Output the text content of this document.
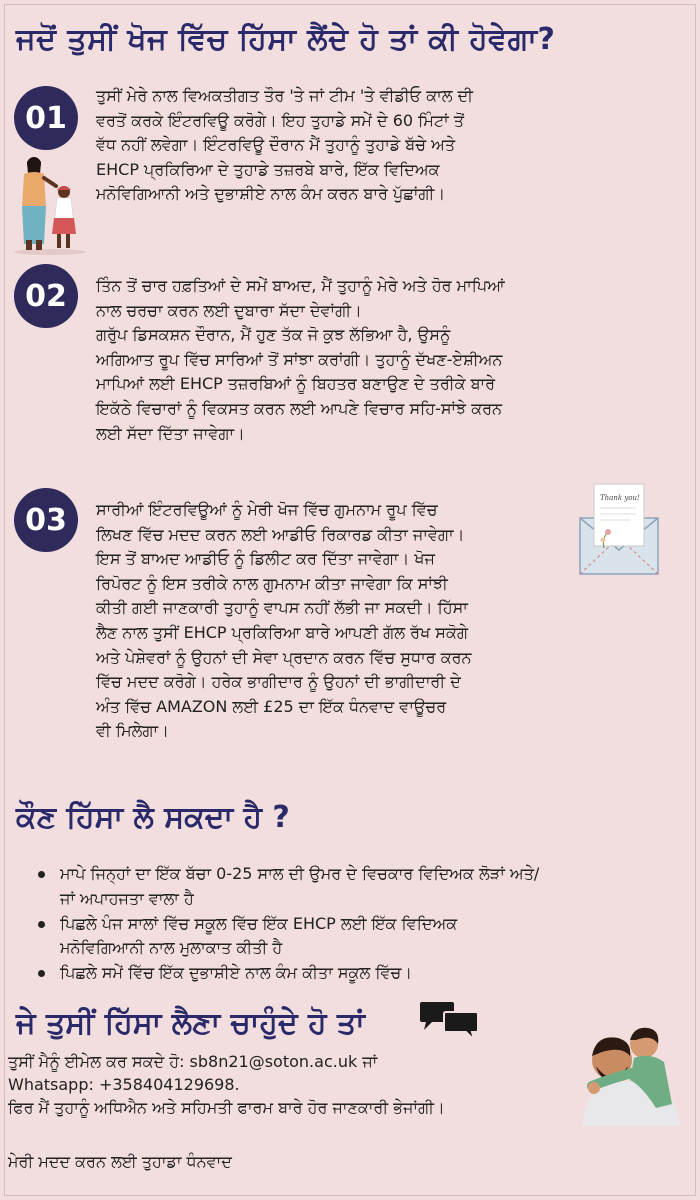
ਜਦੋਂ ਤੁਸੀਂ ਖੋਜ ਵਿੱਚ ਹਿੱਸਾ ਲੈਂਦੇ ਹੋ ਤਾਂ ਕੀ ਹੋਵੇਗਾ?
01

ਤੁਸੀਂ ਮੇਰੇ ਨਾਲ ਵਿਅਕਤੀਗਤ ਤੌਰ 'ਤੇ ਜਾਂ ਟੀਮ 'ਤੇ ਵੀਡੀਓ ਕਾਲ ਦੀ
ਵਰਤੋਂ ਕਰਕੇ ਇੰਟਰਵਿਊ ਕਰੋਗੇ। ਇਹ ਤੁਹਾਡੇ ਸਮੇਂ ਦੇ 60 ਮਿੰਟਾਂ ਤੋਂ
ਵੱਧ ਨਹੀਂ ਲਵੇਗਾ। ਇੰਟਰਵਿਊ ਦੌਰਾਨ ਮੈਂ ਤੁਹਾਨੂੰ ਤੁਹਾਡੇ ਬੱਚੇ ਅਤੇ
EHCP ਪ੍ਰਕਿਰਿਆ ਦੇ ਤੁਹਾਡੇ ਤਜ਼ਰਬੇ ਬਾਰੇ, ਇੱਕ ਵਿਦਿਅਕ
ਮਨੋਵਿਗਿਆਨੀ ਅਤੇ ਦੁਭਾਸ਼ੀਏ ਨਾਲ ਕੰਮ ਕਰਨ ਬਾਰੇ ਪੁੱਛਾਂਗੀ।

02 ਤਿੰਨ ਤੋਂ ਚਾਰ ਹਫ਼ਤਿਆਂ ਦੇ ਸਮੇਂ ਬਾਅਦ, ਮੈਂ ਤੁਹਾਨੂੰ ਮੇਰੇ ਅਤੇ ਹੋਰ ਮਾਪਿਆਂ
ਨਾਲ ਚਰਚਾ ਕਰਨ ਲਈ ਦੁਬਾਰਾ ਸੱਦਾ ਦੇਵਾਂਗੀ।
ਗਰੁੱਪ ਡਿਸਕਸ਼ਨ ਦੌਰਾਨ, ਮੈਂ ਹੁਣ ਤੱਕ ਜੋ ਕੁਝ ਲੱਭਿਆ ਹੈ, ਉਸਨੂੰ
ਅਗਿਆਤ ਰੂਪ ਵਿੱਚ ਸਾਰਿਆਂ ਤੋਂ ਸਾਂਝਾ ਕਰਾਂਗੀ। ਤੁਹਾਨੂੰ ਦੱਖਣ-ਏਸ਼ੀਅਨ
ਮਾਪਿਆਂ ਲਈ EHCP ਤਜ਼ਰਬਿਆਂ ਨੂੰ ਬਿਹਤਰ ਬਣਾਉਣ ਦੇ ਤਰੀਕੇ ਬਾਰੇ
ਇਕੱਠੇ ਵਿਚਾਰਾਂ ਨੂੰ ਵਿਕਸਤ ਕਰਨ ਲਈ ਆਪਣੇ ਵਿਚਾਰ ਸਹਿ-ਸਾਂਝੇ ਕਰਨ
ਲਈ ਸੱਦਾ ਦਿੱਤਾ ਜਾਵੇਗਾ।

03 ਸਾਰੀਆਂ ਇੰਟਰਵਿਊਆਂ ਨੂੰ ਮੇਰੀ ਖੋਜ ਵਿੱਚ ਗੁਮਨਾਮ ਰੂਪ ਵਿੱਚ
ਲਿਖਣ ਵਿੱਚ ਮਦਦ ਕਰਨ ਲਈ ਆਡੀਓ ਰਿਕਾਰਡ ਕੀਤਾ ਜਾਵੇਗਾ।
ਇਸ ਤੋਂ ਬਾਅਦ ਆਡੀਓ ਨੂੰ ਡਿਲੀਟ ਕਰ ਦਿੱਤਾ ਜਾਵੇਗਾ। ਖੋਜ
ਰਿਪੋਰਟ ਨੂੰ ਇਸ ਤਰੀਕੇ ਨਾਲ ਗੁਮਨਾਮ ਕੀਤਾ ਜਾਵੇਗਾ ਕਿ ਸਾਂਝੀ
ਕੀਤੀ ਗਈ ਜਾਣਕਾਰੀ ਤੁਹਾਨੂੰ ਵਾਪਸ ਨਹੀਂ ਲੱਭੀ ਜਾ ਸਕਦੀ। ਹਿੱਸਾ
ਲੈਣ ਨਾਲ ਤੁਸੀਂ EHCP ਪ੍ਰਕਿਰਿਆ ਬਾਰੇ ਆਪਣੀ ਗੱਲ ਰੱਖ ਸਕੋਗੇ
ਅਤੇ ਪੇਸ਼ੇਵਰਾਂ ਨੂੰ ਉਹਨਾਂ ਦੀ ਸੇਵਾ ਪ੍ਰਦਾਨ ਕਰਨ ਵਿੱਚ ਸੁਧਾਰ ਕਰਨ
ਵਿੱਚ ਮਦਦ ਕਰੋਗੇ। ਹਰੇਕ ਭਾਗੀਦਾਰ ਨੂੰ ਉਹਨਾਂ ਦੀ ਭਾਗੀਦਾਰੀ ਦੇ
ਅੰਤ ਵਿੱਚ AMAZON ਲਈ £25 ਦਾ ਇੱਕ ਧੰਨਵਾਦ ਵਾਊਚਰ
ਵੀ ਮਿਲੇਗਾ।

Thank you!
ਕੌਣ ਹਿੱਸਾ ਲੈ ਸਕਦਾ ਹੈ ?
ਮਾਪੇ ਜਿਨ੍ਹਾਂ ਦਾ ਇੱਕ ਬੱਚਾ 0-25 ਸਾਲ ਦੀ ਉਮਰ ਦੇ ਵਿਚਕਾਰ ਵਿਦਿਅਕ ਲੋੜਾਂ ਅਤੇ/
ਜਾਂ ਅਪਾਹਜਤਾ ਵਾਲਾ ਹੈ
ਪਿਛਲੇ ਪੰਜ ਸਾਲਾਂ ਵਿੱਚ ਸਕੂਲ ਵਿੱਚ ਇੱਕ EHCP ਲਈ ਇੱਕ ਵਿਦਿਅਕ
ਮਨੋਵਿਗਿਆਨੀ ਨਾਲ ਮੁਲਾਕਾਤ ਕੀਤੀ ਹੈ
ਪਿਛਲੇ ਸਮੇਂ ਵਿੱਚ ਇੱਕ ਦੁਭਾਸ਼ੀਏ ਨਾਲ ਕੰਮ ਕੀਤਾ ਸਕੂਲ ਵਿੱਚ।
ਜੇ ਤੁਸੀਂ ਹਿੱਸਾ ਲੈਣਾ ਚਾਹੁੰਦੇ ਹੋ ਤਾਂ
ਤੁਸੀਂ ਮੈਨੂੰ ਈਮੇਲ ਕਰ ਸਕਦੇ ਹੋ: sb8n21@soton.ac.uk ਜਾਂ
Whatsapp: +358404129698.
ਫਿਰ ਮੈਂ ਤੁਹਾਨੂੰ ਅਧਿਐਨ ਅਤੇ ਸਹਿਮਤੀ ਫਾਰਮ ਬਾਰੇ ਹੋਰ ਜਾਣਕਾਰੀ ਭੇਜਾਂਗੀ।

ਮੇਰੀ ਮਦਦ ਕਰਨ ਲਈ ਤੁਹਾਡਾ ਧੰਨਵਾਦ
